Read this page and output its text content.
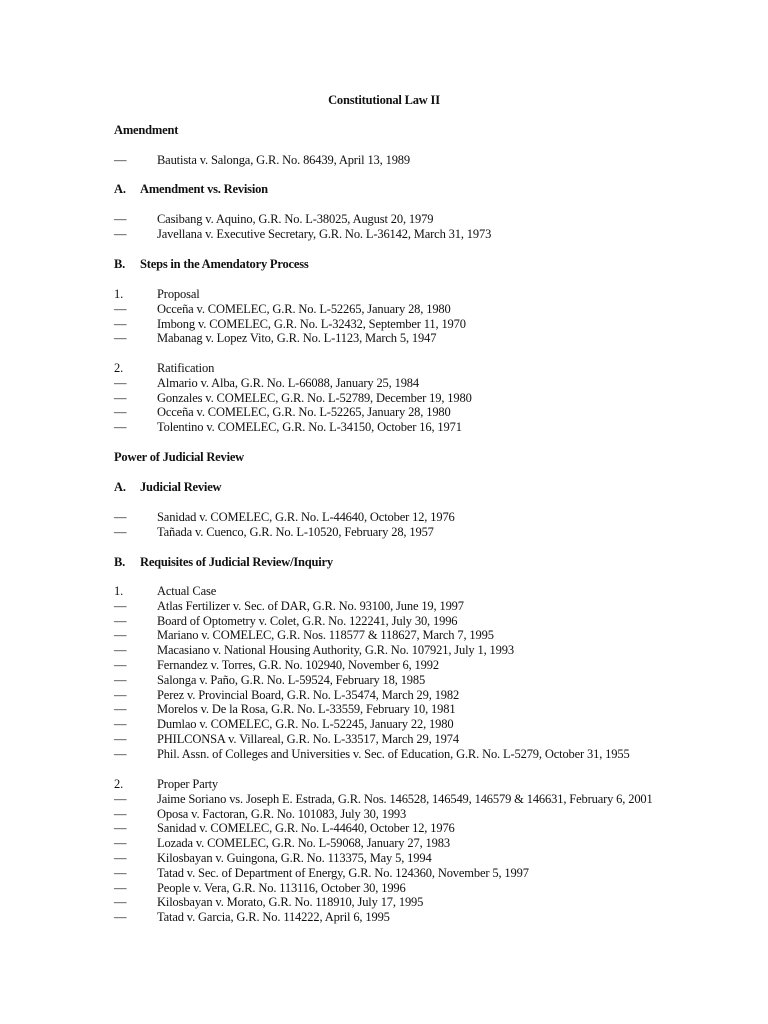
Constitutional Law II
Amendment
—	Bautista v. Salonga, G.R. No. 86439, April 13, 1989
A. Amendment vs. Revision
—	Casibang v. Aquino, G.R. No. L-38025, August 20, 1979
—	Javellana v. Executive Secretary, G.R. No. L-36142, March 31, 1973
B. Steps in the Amendatory Process
1.	Proposal
—	Occeña v. COMELEC, G.R. No. L-52265, January 28, 1980
—	Imbong v. COMELEC, G.R. No. L-32432, September 11, 1970
—	Mabanag v. Lopez Vito, G.R. No. L-1123, March 5, 1947
2.	Ratification
—	Almario v. Alba, G.R. No. L-66088, January 25, 1984
—	Gonzales v. COMELEC, G.R. No. L-52789, December 19, 1980
—	Occeña v. COMELEC, G.R. No. L-52265, January 28, 1980
—	Tolentino v. COMELEC, G.R. No. L-34150, October 16, 1971
Power of Judicial Review
A. Judicial Review
—	Sanidad v. COMELEC, G.R. No. L-44640, October 12, 1976
—	Tañada v. Cuenco, G.R. No. L-10520, February 28, 1957
B. Requisites of Judicial Review/Inquiry
1.	Actual Case
—	Atlas Fertilizer v. Sec. of DAR, G.R. No. 93100, June 19, 1997
—	Board of Optometry v. Colet, G.R. No. 122241, July 30, 1996
—	Mariano v. COMELEC, G.R. Nos. 118577 & 118627, March 7, 1995
—	Macasiano v. National Housing Authority, G.R. No. 107921, July 1, 1993
—	Fernandez v. Torres, G.R. No. 102940, November 6, 1992
—	Salonga v. Paño, G.R. No. L-59524, February 18, 1985
—	Perez v. Provincial Board, G.R. No. L-35474, March 29, 1982
—	Morelos v. De la Rosa, G.R. No. L-33559, February 10, 1981
—	Dumlao v. COMELEC, G.R. No. L-52245, January 22, 1980
—	PHILCONSA v. Villareal, G.R. No. L-33517, March 29, 1974
—	Phil. Assn. of Colleges and Universities v. Sec. of Education, G.R. No. L-5279, October 31, 1955
2.	Proper Party
—	Jaime Soriano vs. Joseph E. Estrada, G.R. Nos. 146528, 146549, 146579 & 146631, February 6, 2001
—	Oposa v. Factoran, G.R. No. 101083, July 30, 1993
—	Sanidad v. COMELEC, G.R. No. L-44640, October 12, 1976
—	Lozada v. COMELEC, G.R. No. L-59068, January 27, 1983
—	Kilosbayan v. Guingona, G.R. No. 113375, May 5, 1994
—	Tatad v. Sec. of Department of Energy, G.R. No. 124360, November 5, 1997
—	People v. Vera, G.R. No. 113116, October 30, 1996
—	Kilosbayan v. Morato, G.R. No. 118910, July 17, 1995
—	Tatad v. Garcia, G.R. No. 114222, April 6, 1995
